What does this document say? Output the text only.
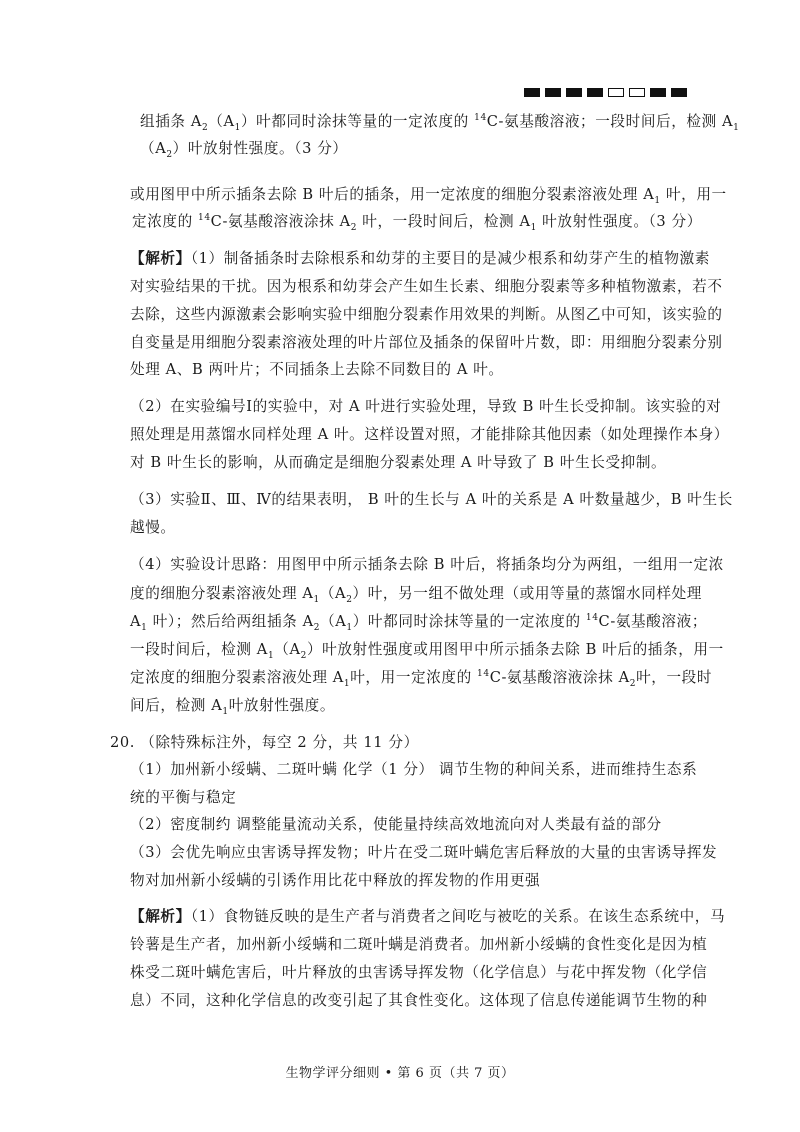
组插条 $A_2(A_1)$叶都同时涂抹等量的一定浓度的 $^{14}$C-氨基酸溶液；一段时间后，检测 $A_1$
$(A_2)$叶放射性强度。（3 分）
或用图甲中所示插条去除 B 叶后的插条，用一定浓度的细胞分裂素溶液处理 $A_1$ 叶，用一
定浓度的 $^{14}$C-氨基酸溶液涂抹 $A_2$ 叶，一段时间后，检测 $A_1$ 叶放射性强度。（3 分）
【解析】（1）制备插条时去除根系和幼芽的主要目的是减少根系和幼芽产生的植物激素
对实验结果的干扰。因为根系和幼芽会产生如生长素、细胞分裂素等多种植物激素，若不
去除，这些内源激素会影响实验中细胞分裂素作用效果的判断。从图乙中可知，该实验的
自变量是用细胞分裂素溶液处理的叶片部位及插条的保留叶片数，即：用细胞分裂素分别
处理 A、B 两叶片；不同插条上去除不同数目的 A 叶。
（2）在实验编号Ⅰ的实验中，对 A 叶进行实验处理，导致 B 叶生长受抑制。该实验的对
照处理是用蒸馏水同样处理 A 叶。这样设置对照，才能排除其他因素（如处理操作本身）
对 B 叶生长的影响，从而确定是细胞分裂素处理 A 叶导致了 B 叶生长受抑制。
（3）实验Ⅱ、Ⅲ、Ⅳ的结果表明， B 叶的生长与 A 叶的关系是 A 叶数量越少，B 叶生长
越慢。
（4）实验设计思路：用图甲中所示插条去除 B 叶后，将插条均分为两组，一组用一定浓
度的细胞分裂素溶液处理 $A_1(A_2)$叶，另一组不做处理（或用等量的蒸馏水同样处理
$A_1$ 叶）；然后给两组插条 $A_2(A_1)$叶都同时涂抹等量的一定浓度的 $^{14}$C-氨基酸溶液；
一段时间后，检测 $A_1(A_2)$叶放射性强度或用图甲中所示插条去除 B 叶后的插条，用一
定浓度的细胞分裂素溶液处理 $A_1$叶，用一定浓度的 $^{14}$C-氨基酸溶液涂抹 $A_2$叶，一段时
间后，检测 $A_1$叶放射性强度。
20. （除特殊标注外，每空 2 分，共 11 分）
（1）加州新小绥螨、二斑叶螨 化学（1 分） 调节生物的种间关系，进而维持生态系
统的平衡与稳定
（2）密度制约 调整能量流动关系，使能量持续高效地流向对人类最有益的部分
（3）会优先响应虫害诱导挥发物；叶片在受二斑叶螨危害后释放的大量的虫害诱导挥发
物对加州新小绥螨的引诱作用比花中释放的挥发物的作用更强
【解析】（1）食物链反映的是生产者与消费者之间吃与被吃的关系。在该生态系统中，马
铃薯是生产者，加州新小绥螨和二斑叶螨是消费者。加州新小绥螨的食性变化是因为植
株受二斑叶螨危害后，叶片释放的虫害诱导挥发物（化学信息）与花中挥发物（化学信
息）不同，这种化学信息的改变引起了其食性变化。这体现了信息传递能调节生物的种
生物学评分细则 • 第 6 页（共 7 页）
